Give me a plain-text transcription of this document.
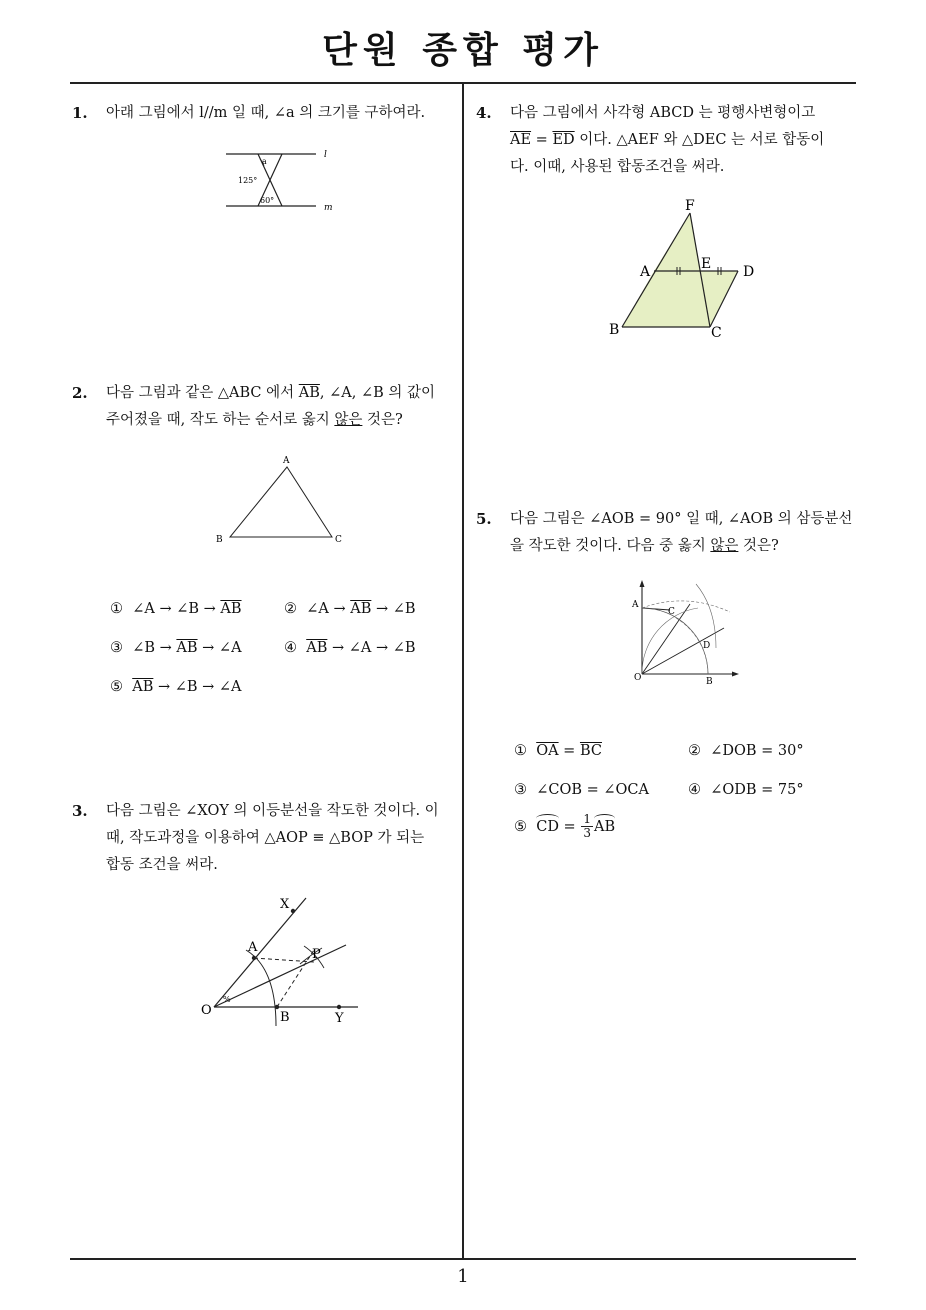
단원 종합 평가
1
1.	아래 그림에서 l//m 일 때, ∠a 의 크기를 구하여라.
a
125°
60°
l
m
2.	다음 그림과 같은 △ABC 에서 $\overline{AB}$, ∠A, ∠B 의 값이
주어졌을 때, 작도 하는 순서로 옳지 않은 것은?
A
B	C
① ∠A → ∠B → $\overline{AB}$	② ∠A → $\overline{AB}$ → ∠B
③ ∠B → $\overline{AB}$ → ∠A	④ $\overline{AB}$ → ∠A → ∠B
⑤ $\overline{AB}$ → ∠B → ∠A
3.	다음 그림은 ∠XOY 의 이등분선을 작도한 것이다. 이
때, 작도과정을 이용하여 △AOP ≡ △BOP 가 되는
합동 조건을 써라.
%
X
A	P
O	B	Y
4.	다음 그림에서 사각형 ABCD 는 평행사변형이고
$\overline{AE} = \overline{ED}$ 이다. △AEF 와 △DEC 는 서로 합동이
다. 이때, 사용된 합동조건을 써라.
F
A	E D
B	C
5.	다음 그림은 ∠AOB = 90° 일 때, ∠AOB 의 삼등분선
을 작도한 것이다. 다음 중 옳지 않은 것은?
A
C
D
O	B
① $\overline{OA} = \overline{BC}$	② ∠DOB = 30°
③ ∠COB = ∠OCA	④ ∠ODB = 75°
⑤
CD = $\frac{1}{3}$ AB
